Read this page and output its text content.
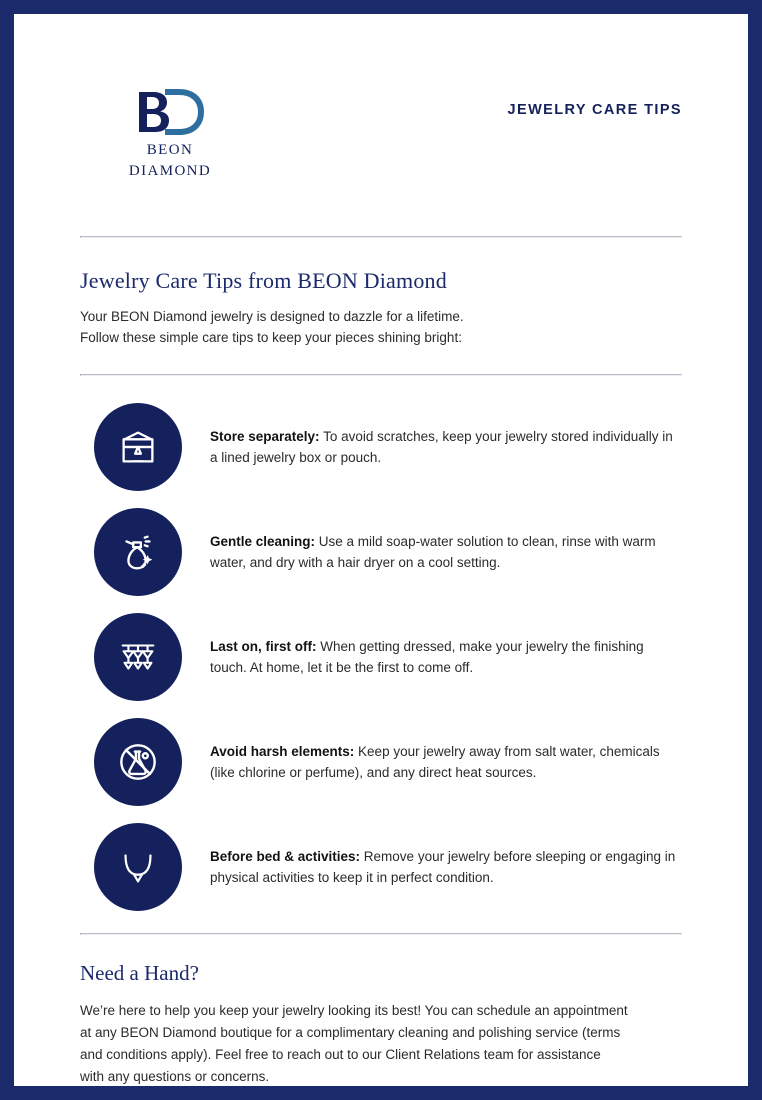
BEON
DIAMOND
JEWELRY CARE TIPS
Jewelry Care Tips from BEON Diamond

Your BEON Diamond jewelry is designed to dazzle for a lifetime.
Follow these simple care tips to keep your pieces shining bright:

Store separately: To avoid scratches, keep your jewelry stored individually in a lined jewelry box or pouch.
Gentle cleaning: Use a mild soap-water solution to clean, rinse with warm water, and dry with a hair dryer on a cool setting.
Last on, first off: When getting dressed, make your jewelry the finishing touch. At home, let it be the first to come off.
Avoid harsh elements: Keep your jewelry away from salt water, chemicals (like chlorine or perfume), and any direct heat sources.
Before bed & activities: Remove your jewelry before sleeping or engaging in physical activities to keep it in perfect condition.
Need a Hand?

We’re here to help you keep your jewelry looking its best! You can schedule an appointment at any BEON Diamond boutique for a complimentary cleaning and polishing service (terms and conditions apply). Feel free to reach out to our Client Relations team for assistance with any questions or concerns.
